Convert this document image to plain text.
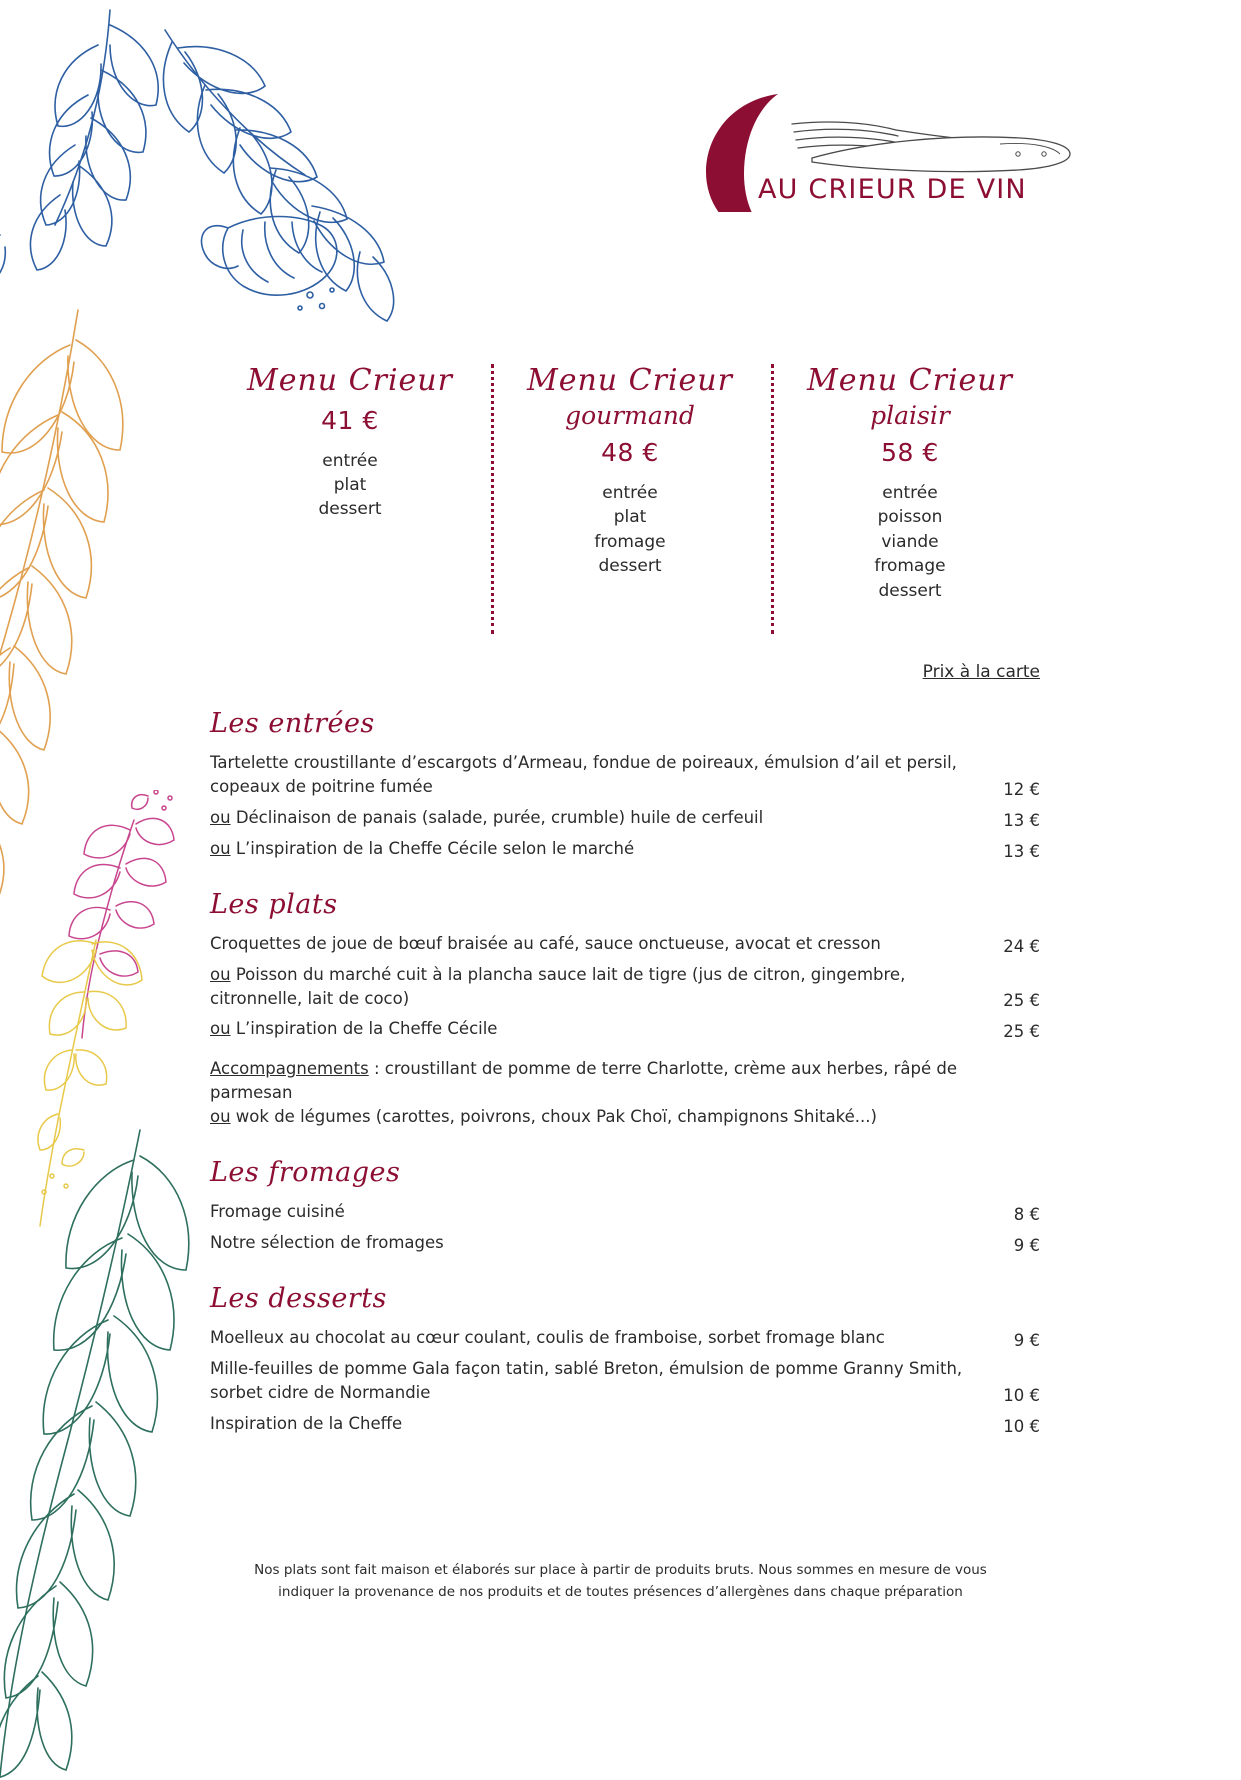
AU CRIEUR DE VIN
Menu Crieur
41 €
entrée
plat
dessert
Menu Crieur
gourmand
48 €
entrée
plat
fromage
dessert
Menu Crieur
plaisir
58 €
entrée
poisson
viande
fromage
dessert
Prix à la carte
Les entrées
Tartelette croustillante d’escargots d’Armeau, fondue de poireaux, émulsion d’ail et persil, copeaux de poitrine fumée	12 €
ou Déclinaison de panais (salade, purée, crumble) huile de cerfeuil	13 €
ou L’inspiration de la Cheffe Cécile selon le marché	13 €
Les plats
Croquettes de joue de bœuf braisée au café, sauce onctueuse, avocat et cresson	24 €
ou Poisson du marché cuit à la plancha sauce lait de tigre (jus de citron, gingembre, citronnelle, lait de coco)	25 €
ou L’inspiration de la Cheffe Cécile	25 €
Accompagnements : croustillant de pomme de terre Charlotte, crème aux herbes, râpé de parmesan
ou wok de légumes (carottes, poivrons, choux Pak Choï, champignons Shitaké...)
Les fromages
Fromage cuisiné	8 €
Notre sélection de fromages	9 €
Les desserts
Moelleux au chocolat au cœur coulant, coulis de framboise, sorbet fromage blanc	9 €
Mille-feuilles de pomme Gala façon tatin, sablé Breton, émulsion de pomme Granny Smith, sorbet cidre de Normandie	10 €
Inspiration de la Cheffe	10 €
Nos plats sont fait maison et élaborés sur place à partir de produits bruts. Nous sommes en mesure de vous
indiquer la provenance de nos produits et de toutes présences d’allergènes dans chaque préparation
